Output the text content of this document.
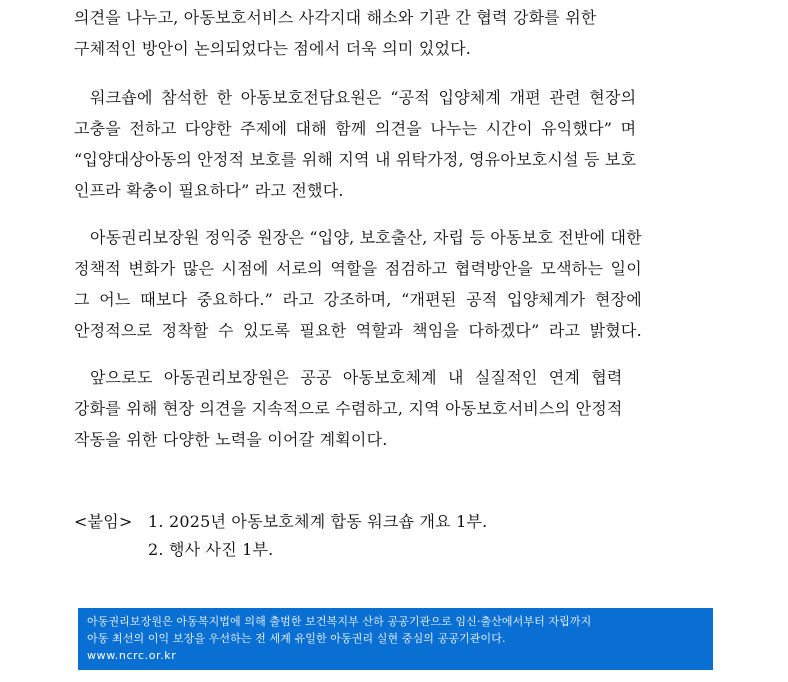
의견을 나누고, 아동보호서비스 사각지대 해소와 기관 간 협력 강화를 위한
구체적인 방안이 논의되었다는 점에서 더욱 의미 있었다.

워크숍에 참석한 한 아동보호전담요원은 “공적 입양체계 개편 관련 현장의
고충을 전하고 다양한 주제에 대해 함께 의견을 나누는 시간이 유익했다” 며
“입양대상아동의 안정적 보호를 위해 지역 내 위탁가정, 영유아보호시설 등 보호
인프라 확충이 필요하다” 라고 전했다.

아동권리보장원 정익중 원장은 “입양, 보호출산, 자립 등 아동보호 전반에 대한
정책적 변화가 많은 시점에 서로의 역할을 점검하고 협력방안을 모색하는 일이
그 어느 때보다 중요하다.” 라고 강조하며, “개편된 공적 입양체계가 현장에
안정적으로 정착할 수 있도록 필요한 역할과 책임을 다하겠다” 라고 밝혔다.

앞으로도 아동권리보장원은 공공 아동보호체계 내 실질적인 연계 협력
강화를 위해 현장 의견을 지속적으로 수렴하고, 지역 아동보호서비스의 안정적
작동을 위한 다양한 노력을 이어갈 계획이다.

<붙임> 1. 2025년 아동보호체계 합동 워크숍 개요 1부.
2. 행사 사진 1부.
아동권리보장원은 아동복지법에 의해 출범한 보건복지부 산하 공공기관으로 임신·출산에서부터 자립까지
아동 최선의 이익 보장을 우선하는 전 세계 유일한 아동권리 실현 중심의 공공기관이다.
www.ncrc.or.kr
